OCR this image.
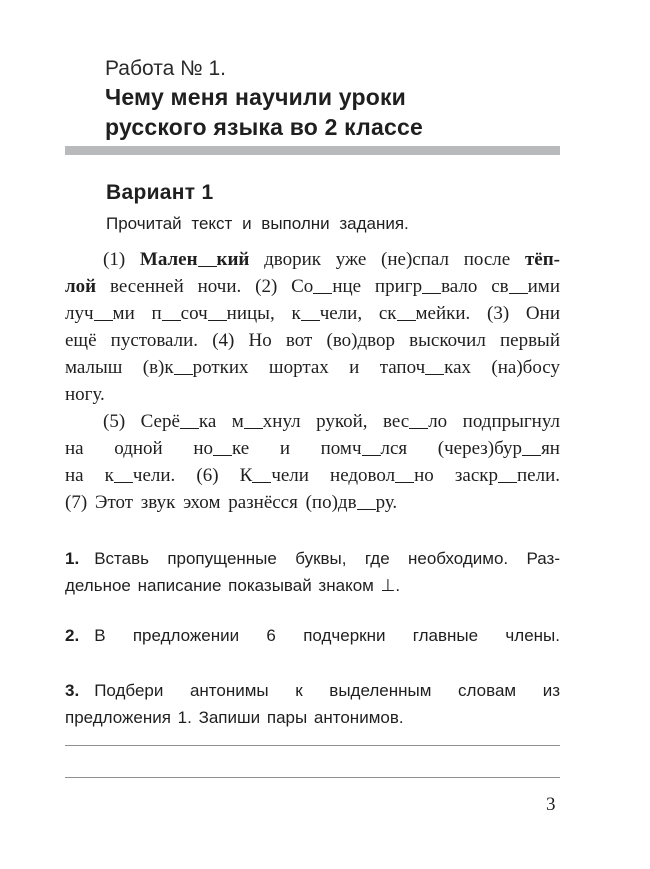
Работа № 1.
Чему меня научили уроки
русского языка во 2 классе
Вариант 1
Прочитай текст и выполни задания.
(1) Мален кий дворик уже (не)спал после тёп-
лой весенней ночи. (2) Со нце пригр вало св ими
луч ми п соч ницы, к чели, ск мейки. (3) Они
ещё пустовали. (4) Но вот (во)двор выскочил первый
малыш (в)к ротких шортах и тапоч ках (на)босу
ногу.
(5) Серё ка м хнул рукой, вес ло подпрыгнул
на одной но ке и помч лся (через)бур ян
на к чели. (6) К чели недовол но заскр пели.
(7) Этот звук эхом разнёсся (по)дв ру.
1. Вставь пропущенные буквы, где необходимо. Раз-
дельное написание показывай знаком ⊥.
2. В предложении 6 подчеркни главные члены.
3. Подбери антонимы к выделенным словам из
предложения 1. Запиши пары антонимов.
3
